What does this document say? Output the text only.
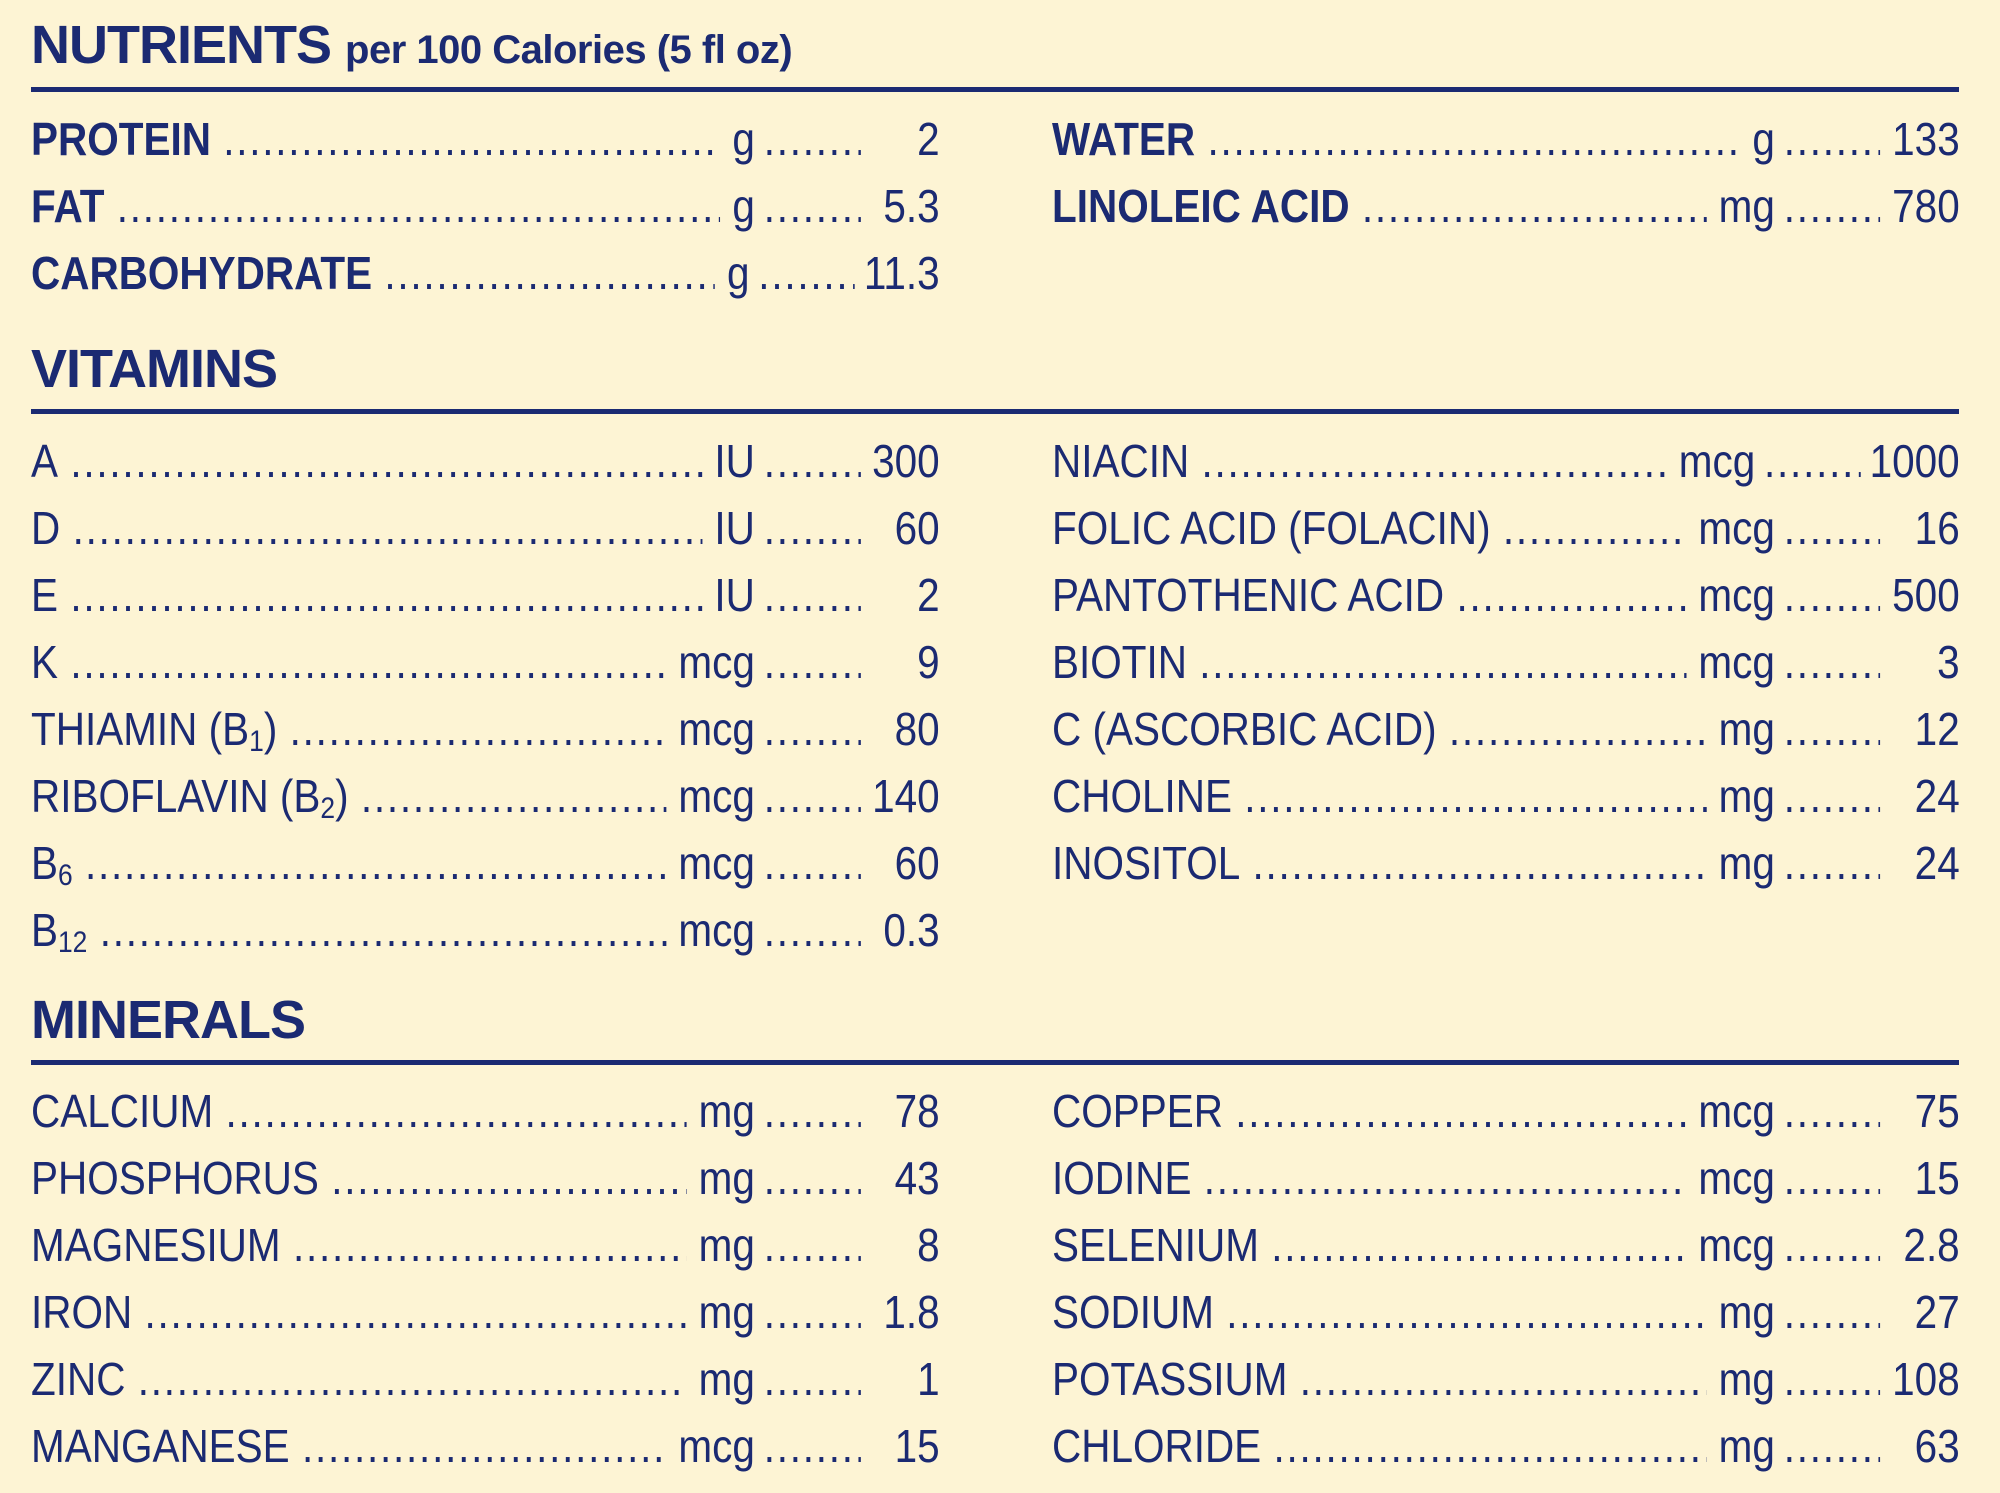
NUTRIENTS per 100 Calories (5 fl oz)
PROTEIN .....	g .....	2
FAT .....	g .....	5.3
CARBOHYDRATE .....	g ..... 11.3
WATER .....	g .....	133
LINOLEIC ACID .....	mg .....	780
VITAMINS
A .....	IU .....	300
D .....	IU .....	60
E .....	IU .....	2
K .....	mcg .....	9
THIAMIN $(B_1)$ .....	mcg .....	80
RIBOFLAVIN $(B_2)$ .....	mcg .....	140
$B_6$ .....	mcg .....	60
$B_{12}$ .....	mcg .....	0.3
NIACIN .....	mcg ..... 1000
FOLIC ACID (FOLACIN) .....	mcg .....	16
PANTOTHENIC ACID .....	mcg .....	500
BIOTIN .....	mcg .....	3
C (ASCORBIC ACID) .....	mg .....	12
CHOLINE .....	mg .....	24
INOSITOL .....	mg .....	24
MINERALS
CALCIUM .....	mg .....	78
PHOSPHORUS .....	mg .....	43
MAGNESIUM .....	mg .....	8
IRON .....	mg .....	1.8
ZINC .....	mg .....	1
MANGANESE .....	mcg .....	15
COPPER .....	mcg .....	75
IODINE .....	mcg .....	15
SELENIUM .....	mcg .....	2.8
SODIUM .....	mg .....	27
POTASSIUM .....	mg .....	108
CHLORIDE .....	mg .....	63
